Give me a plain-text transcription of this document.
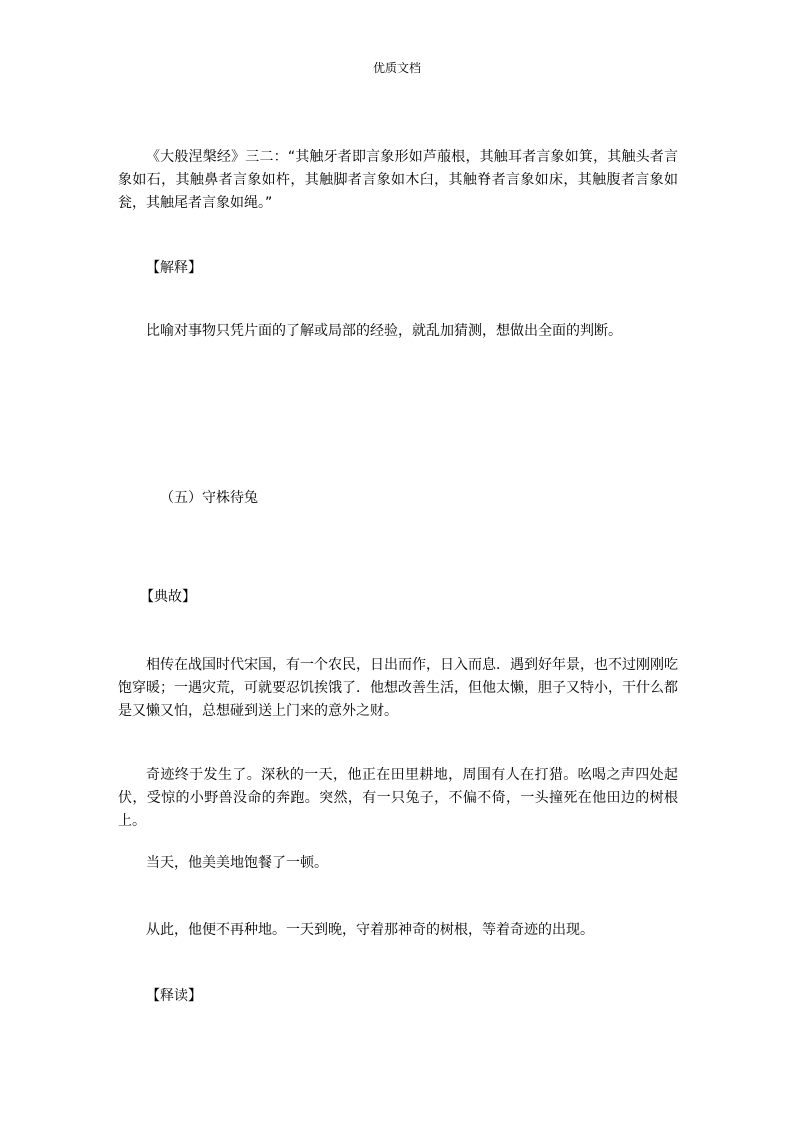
优质文档

《大般涅槃经》三二：“其触牙者即言象形如芦菔根，其触耳者言象如箕，其触头者言象如石，其触鼻者言象如杵，其触脚者言象如木臼，其触脊者言象如床，其触腹者言象如瓮，其触尾者言象如绳。”

【解释】

比喻对事物只凭片面的了解或局部的经验，就乱加猜测，想做出全面的判断。

（五）守株待兔

【典故】

相传在战国时代宋国，有一个农民，日出而作，日入而息．遇到好年景，也不过刚刚吃饱穿暖；一遇灾荒，可就要忍饥挨饿了．他想改善生活，但他太懒，胆子又特小，干什么都是又懒又怕，总想碰到送上门来的意外之财。

奇迹终于发生了。深秋的一天，他正在田里耕地，周围有人在打猎。吆喝之声四处起伏，受惊的小野兽没命的奔跑。突然，有一只兔子，不偏不倚，一头撞死在他田边的树根上。

当天，他美美地饱餐了一顿。

从此，他便不再种地。一天到晚，守着那神奇的树根，等着奇迹的出现。

【释读】
